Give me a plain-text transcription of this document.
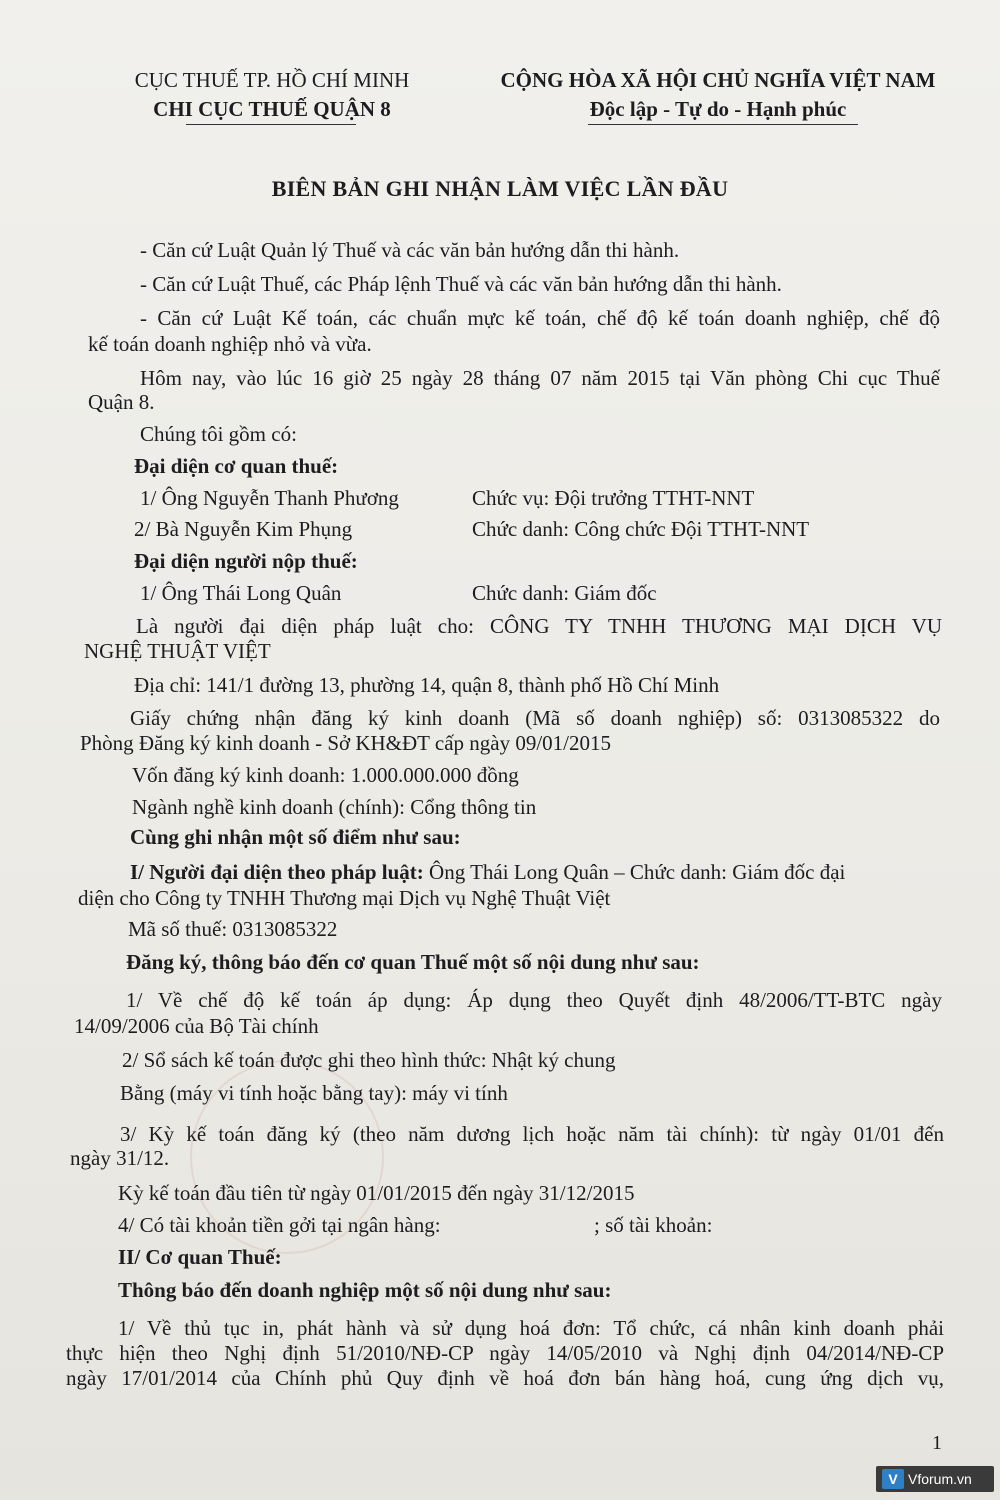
CỤC THUẾ TP. HỒ CHÍ MINH
CHI CỤC THUẾ QUẬN 8
CỘNG HÒA XÃ HỘI CHỦ NGHĨA VIỆT NAM
Độc lập - Tự do - Hạnh phúc
BIÊN BẢN GHI NHẬN LÀM VIỆC LẦN ĐẦU
- Căn cứ Luật Quản lý Thuế và các văn bản hướng dẫn thi hành.
- Căn cứ Luật Thuế, các Pháp lệnh Thuế và các văn bản hướng dẫn thi hành.
- Căn cứ Luật Kế toán, các chuẩn mực kế toán, chế độ kế toán doanh nghiệp, chế độ
kế toán doanh nghiệp nhỏ và vừa.
Hôm nay, vào lúc 16 giờ 25 ngày 28 tháng 07 năm 2015 tại Văn phòng Chi cục Thuế
Quận 8.
Chúng tôi gồm có:
Đại diện cơ quan thuế:
1/ Ông Nguyễn Thanh Phương	Chức vụ: Đội trưởng TTHT-NNT
2/ Bà Nguyễn Kim Phụng	Chức danh: Công chức Đội TTHT-NNT
Đại diện người nộp thuế:
1/ Ông Thái Long Quân	Chức danh: Giám đốc
Là người đại diện pháp luật cho: CÔNG TY TNHH THƯƠNG MẠI DỊCH VỤ
NGHỆ THUẬT VIỆT
Địa chỉ: 141/1 đường 13, phường 14, quận 8, thành phố Hồ Chí Minh
Giấy chứng nhận đăng ký kinh doanh (Mã số doanh nghiệp) số: 0313085322 do
Phòng Đăng ký kinh doanh - Sở KH&ĐT cấp ngày 09/01/2015
Vốn đăng ký kinh doanh: 1.000.000.000 đồng
Ngành nghề kinh doanh (chính): Cổng thông tin
Cùng ghi nhận một số điểm như sau:
I/ Người đại diện theo pháp luật: Ông Thái Long Quân – Chức danh: Giám đốc đại
diện cho Công ty TNHH Thương mại Dịch vụ Nghệ Thuật Việt
Mã số thuế: 0313085322
Đăng ký, thông báo đến cơ quan Thuế một số nội dung như sau:
1/ Về chế độ kế toán áp dụng: Áp dụng theo Quyết định 48/2006/TT-BTC ngày
14/09/2006 của Bộ Tài chính
2/ Sổ sách kế toán được ghi theo hình thức: Nhật ký chung
Bằng (máy vi tính hoặc bằng tay): máy vi tính
3/ Kỳ kế toán đăng ký (theo năm dương lịch hoặc năm tài chính): từ ngày 01/01 đến
ngày 31/12.
Kỳ kế toán đầu tiên từ ngày 01/01/2015 đến ngày 31/12/2015
4/ Có tài khoản tiền gởi tại ngân hàng:	; số tài khoản:
II/ Cơ quan Thuế:
Thông báo đến doanh nghiệp một số nội dung như sau:
1/ Về thủ tục in, phát hành và sử dụng hoá đơn: Tổ chức, cá nhân kinh doanh phải
thực hiện theo Nghị định 51/2010/NĐ-CP ngày 14/05/2010 và Nghị định 04/2014/NĐ-CP
ngày 17/01/2014 của Chính phủ Quy định về hoá đơn bán hàng hoá, cung ứng dịch vụ,
1
V Vforum.vn
